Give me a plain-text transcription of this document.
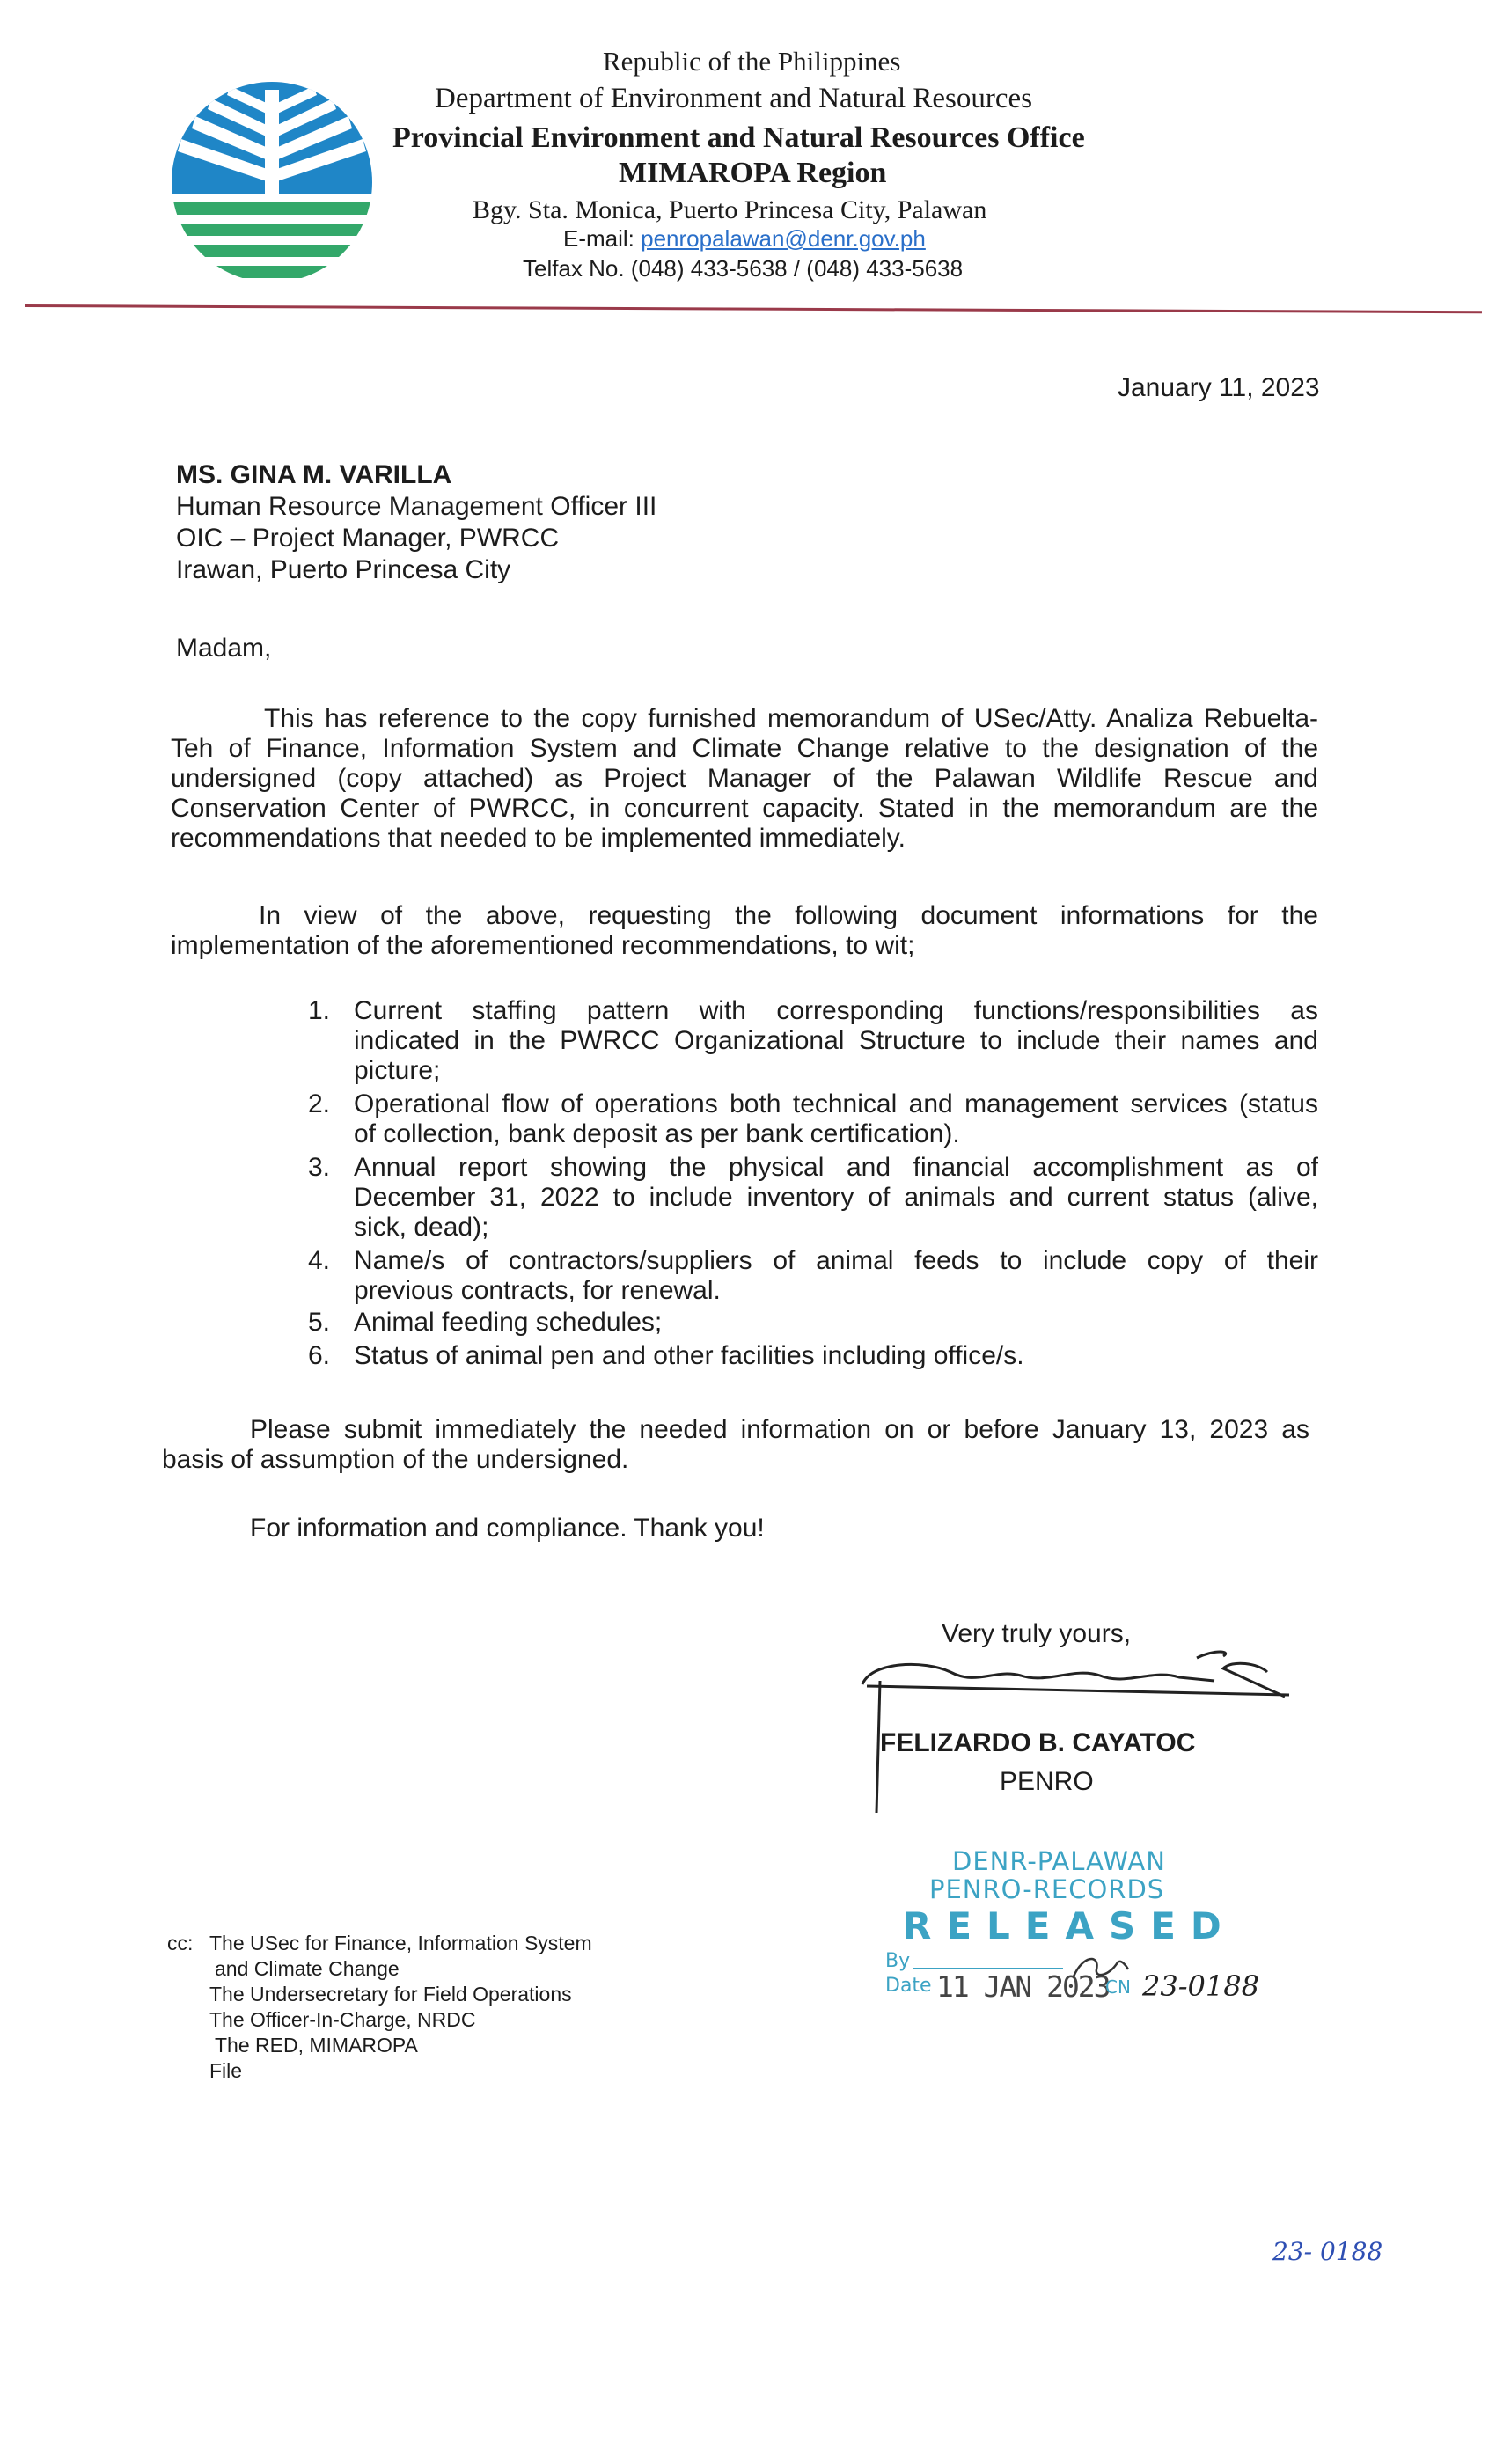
Republic of the Philippines
Department of Environment and Natural Resources
Provincial Environment and Natural Resources Office
MIMAROPA Region
Bgy. Sta. Monica, Puerto Princesa City, Palawan
E-mail: penropalawan@denr.gov.ph
Telfax No. (048) 433-5638 / (048) 433-5638
January 11, 2023
MS. GINA M. VARILLA
Human Resource Management Officer III
OIC – Project Manager, PWRCC
Irawan, Puerto Princesa City
Madam,
This has reference to the copy furnished memorandum of USec/Atty. Analiza Rebuelta-
Teh of Finance, Information System and Climate Change relative to the designation of the
undersigned (copy attached) as Project Manager of the Palawan Wildlife Rescue and
Conservation Center of PWRCC, in concurrent capacity. Stated in the memorandum are the
recommendations that needed to be implemented immediately.
In view of the above, requesting the following document informations for the
implementation of the aforementioned recommendations, to wit;
1. Current staffing pattern with corresponding functions/responsibilities as
indicated in the PWRCC Organizational Structure to include their names and
picture;
2. Operational flow of operations both technical and management services (status
of collection, bank deposit as per bank certification).
3. Annual report showing the physical and financial accomplishment as of
December 31, 2022 to include inventory of animals and current status (alive,
sick, dead);
4. Name/s of contractors/suppliers of animal feeds to include copy of their
previous contracts, for renewal.
5. Animal feeding schedules;
6. Status of animal pen and other facilities including office/s.
Please submit immediately the needed information on or before January 13, 2023 as
basis of assumption of the undersigned.
For information and compliance. Thank you!
Very truly yours,
FELIZARDO B. CAYATOC
PENRO
DENR-PALAWAN
PENRO-RECORDS
RELEASED
By
Date 11 JAN 2023
CN 23-0188
cc: The USec for Finance, Information System
and Climate Change
The Undersecretary for Field Operations
The Officer-In-Charge, NRDC
The RED, MIMAROPA
File
23- 0188
